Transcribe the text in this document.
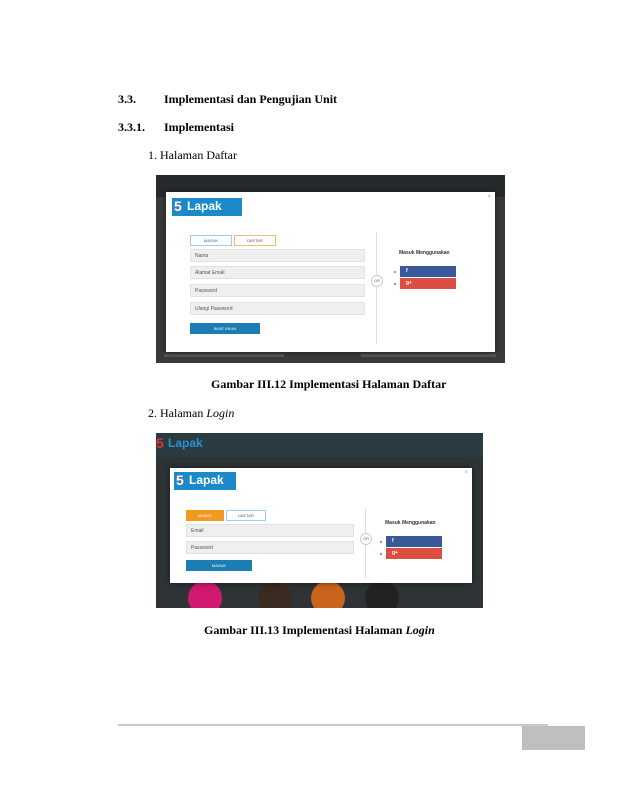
3.3. Implementasi dan Pengujian Unit
3.3.1. Implementasi
1. Halaman Daftar
×
5 Lapak
MASUK	DAFTAR
Nama
Alamat Email
Password
Ulangi Password
BUAT AKUN
OR
Masuk Menggunakan
f
g+
Gambar III.12 Implementasi Halaman Daftar
2. Halaman Login
5 Lapak
×
5 Lapak
MASUK	DAFTAR
Email
Password
MASUK
OR
Masuk Menggunakan
f
g+
Gambar III.13 Implementasi Halaman Login
